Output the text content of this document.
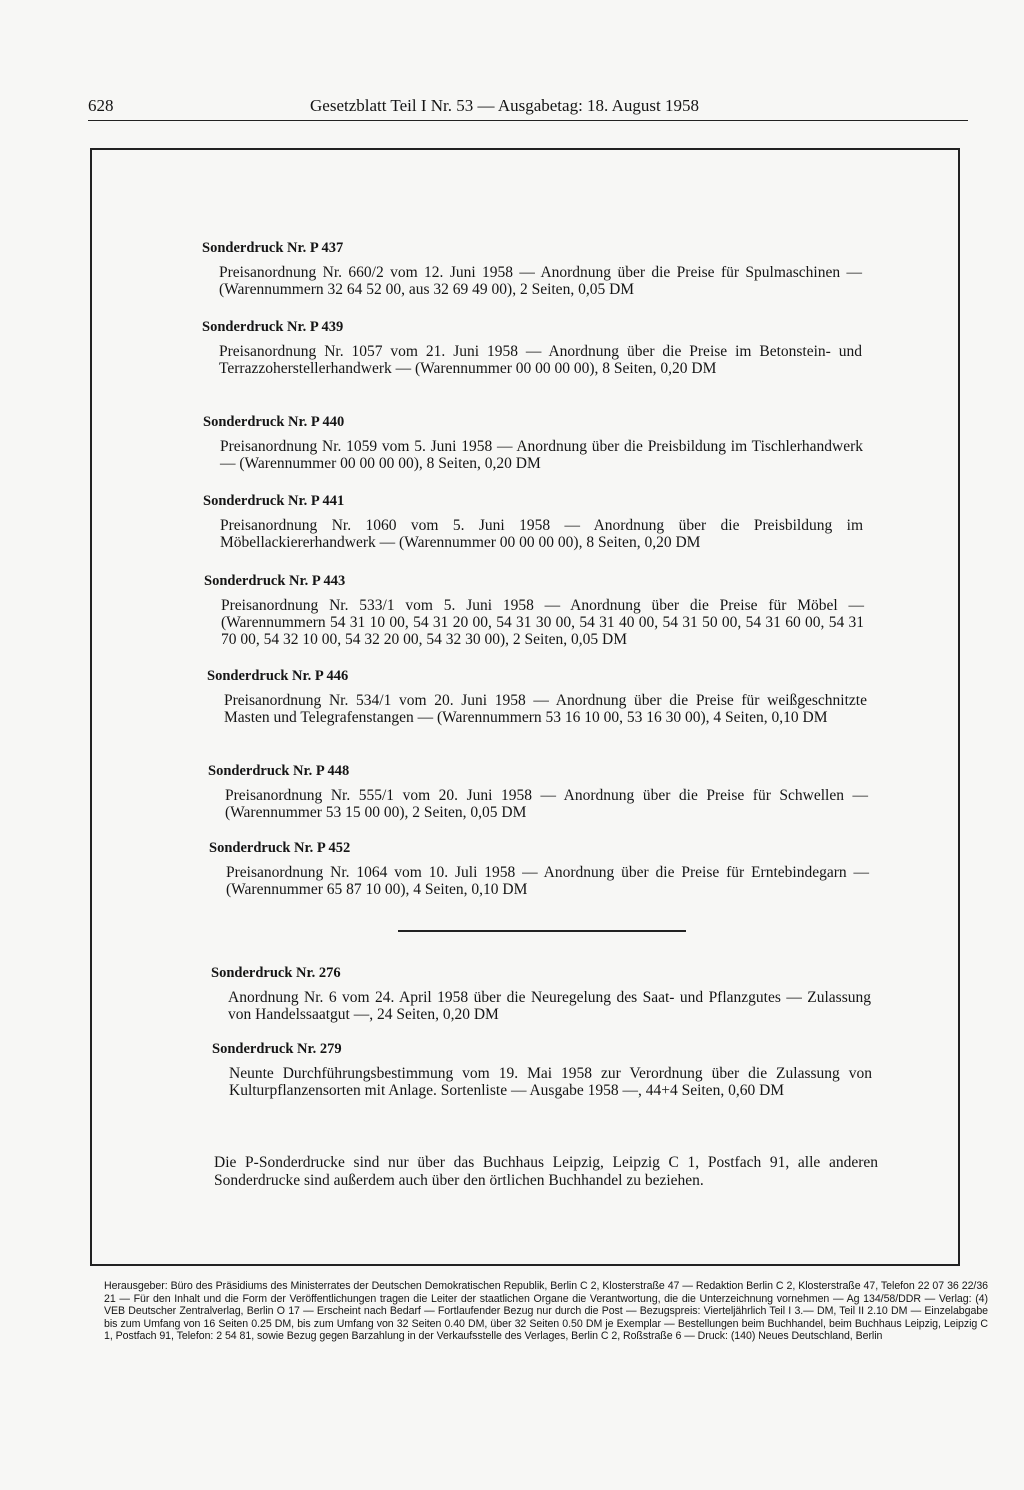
628	Gesetzblatt Teil I Nr. 53 — Ausgabetag: 18. August 1958
Sonderdruck Nr. P 437
Preisanordnung Nr. 660/2 vom 12. Juni 1958 — Anordnung über die Preise für Spulmaschinen — (Warennummern 32 64 52 00, aus 32 69 49 00), 2 Seiten, 0,05 DM
Sonderdruck Nr. P 439
Preisanordnung Nr. 1057 vom 21. Juni 1958 — Anordnung über die Preise im Betonstein- und Terrazzoherstellerhandwerk — (Warennummer 00 00 00 00), 8 Seiten, 0,20 DM
Sonderdruck Nr. P 440
Preisanordnung Nr. 1059 vom 5. Juni 1958 — Anordnung über die Preisbildung im Tischlerhandwerk — (Warennummer 00 00 00 00), 8 Seiten, 0,20 DM
Sonderdruck Nr. P 441
Preisanordnung Nr. 1060 vom 5. Juni 1958 — Anordnung über die Preisbildung im Möbellackiererhandwerk — (Warennummer 00 00 00 00), 8 Seiten, 0,20 DM
Sonderdruck Nr. P 443
Preisanordnung Nr. 533/1 vom 5. Juni 1958 — Anordnung über die Preise für Möbel — (Warennummern 54 31 10 00, 54 31 20 00, 54 31 30 00, 54 31 40 00, 54 31 50 00, 54 31 60 00, 54 31 70 00, 54 32 10 00, 54 32 20 00, 54 32 30 00), 2 Seiten, 0,05 DM
Sonderdruck Nr. P 446
Preisanordnung Nr. 534/1 vom 20. Juni 1958 — Anordnung über die Preise für weißgeschnitzte Masten und Telegrafenstangen — (Warennummern 53 16 10 00, 53 16 30 00), 4 Seiten, 0,10 DM
Sonderdruck Nr. P 448
Preisanordnung Nr. 555/1 vom 20. Juni 1958 — Anordnung über die Preise für Schwellen — (Warennummer 53 15 00 00), 2 Seiten, 0,05 DM
Sonderdruck Nr. P 452
Preisanordnung Nr. 1064 vom 10. Juli 1958 — Anordnung über die Preise für Erntebindegarn — (Warennummer 65 87 10 00), 4 Seiten, 0,10 DM
Sonderdruck Nr. 276
Anordnung Nr. 6 vom 24. April 1958 über die Neuregelung des Saat- und Pflanzgutes — Zulassung von Handelssaatgut —, 24 Seiten, 0,20 DM
Sonderdruck Nr. 279
Neunte Durchführungsbestimmung vom 19. Mai 1958 zur Verordnung über die Zulassung von Kulturpflanzensorten mit Anlage. Sortenliste — Ausgabe 1958 —, 44+4 Seiten, 0,60 DM
Die P-Sonderdrucke sind nur über das Buchhaus Leipzig, Leipzig C 1, Postfach 91, alle anderen Sonderdrucke sind außerdem auch über den örtlichen Buchhandel zu beziehen.
Herausgeber: Büro des Präsidiums des Ministerrates der Deutschen Demokratischen Republik, Berlin C 2, Klosterstraße 47 — Redaktion Berlin C 2, Klosterstraße 47, Telefon 22 07 36 22/36 21 — Für den Inhalt und die Form der Veröffentlichungen tragen die Leiter der staatlichen Organe die Verantwortung, die die Unterzeichnung vornehmen — Ag 134/58/DDR — Verlag: (4) VEB Deutscher Zentralverlag, Berlin O 17 — Erscheint nach Bedarf — Fortlaufender Bezug nur durch die Post — Bezugspreis: Vierteljährlich Teil I 3.— DM, Teil II 2.10 DM — Einzelabgabe bis zum Umfang von 16 Seiten 0.25 DM, bis zum Umfang von 32 Seiten 0.40 DM, über 32 Seiten 0.50 DM je Exemplar — Bestellungen beim Buchhandel, beim Buchhaus Leipzig, Leipzig C 1, Postfach 91, Telefon: 2 54 81, sowie Bezug gegen Barzahlung in der Verkaufsstelle des Verlages, Berlin C 2, Roßstraße 6 — Druck: (140) Neues Deutschland, Berlin
